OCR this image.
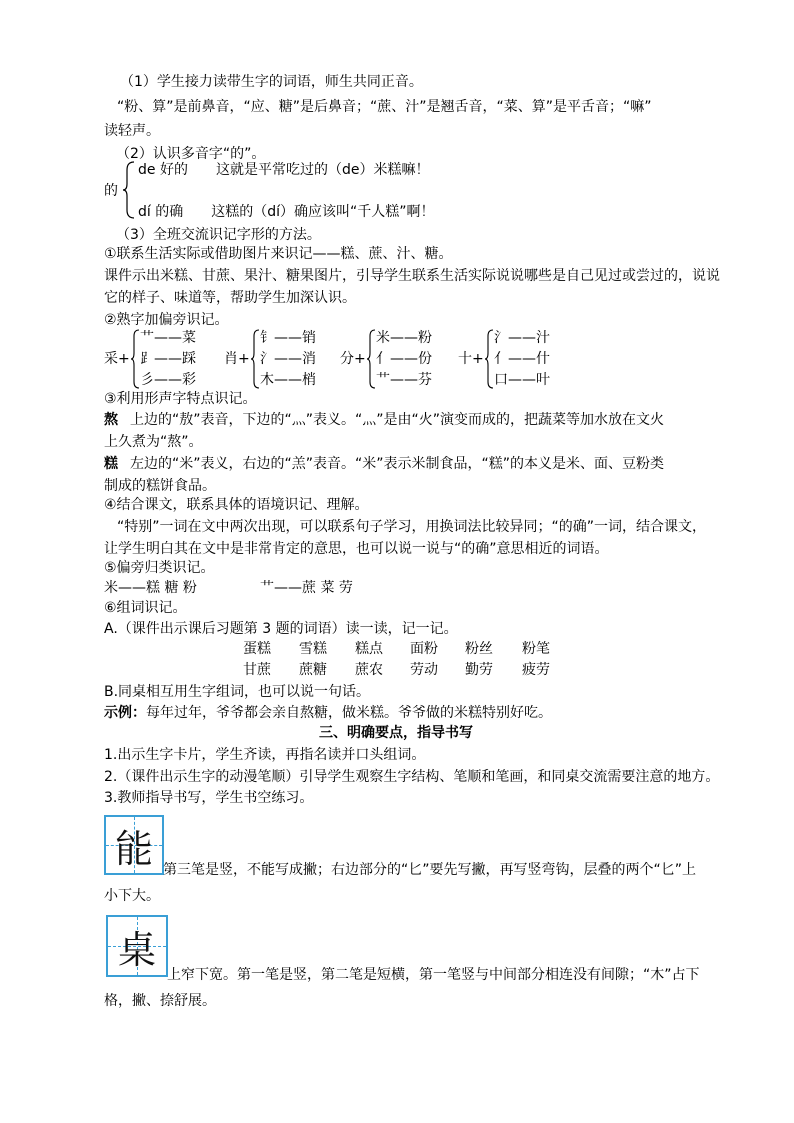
（1）学生接力读带生字的词语，师生共同正音。
“粉、算”是前鼻音，“应、糖”是后鼻音；“蔗、汁”是翘舌音，“菜、算”是平舌音；“嘛”
读轻声。
（2）认识多音字“的”。
的
de 好的　　这就是平常吃过的（de）米糕嘛！
dí 的确　　这糕的（dí）确应该叫“千人糕”啊！
（3）全班交流识记字形的方法。
①联系生活实际或借助图片来识记——糕、蔗、汁、糖。
课件示出米糕、甘蔗、果汁、糖果图片，引导学生联系生活实际说说哪些是自己见过或尝过的，说说
它的样子、味道等，帮助学生加深认识。
②熟字加偏旁识记。
采+
艹——菜
⻊——踩
彡——彩
肖+
钅——销
氵——消
木——梢
分+
米——粉
亻——份
艹——芬
十+
氵——汁
亻——什
口——叶
③利用形声字特点识记。
熬 上边的“敖”表音，下边的“灬”表义。“灬”是由“火”演变而成的，把蔬菜等加水放在文火
上久煮为“熬”。
糕 左边的“米”表义，右边的“羔”表音。“米”表示米制食品，“糕”的本义是米、面、豆粉类
制成的糕饼食品。
④结合课文，联系具体的语境识记、理解。
“特别”一词在文中两次出现，可以联系句子学习，用换词法比较异同；“的确”一词，结合课文，
让学生明白其在文中是非常肯定的意思，也可以说一说与“的确”意思相近的词语。
⑤偏旁归类识记。
米——糕 糖 粉	艹——蔗 菜 劳
⑥组词识记。
A.（课件出示课后习题第 3 题的词语）读一读，记一记。
蛋糕 雪糕 糕点 面粉 粉丝 粉笔
甘蔗 蔗糖 蔗农 劳动 勤劳 疲劳
B.同桌相互用生字组词，也可以说一句话。
示例： 每年过年，爷爷都会亲自熬糖，做米糕。爷爷做的米糕特别好吃。
三、明确要点，指导书写
1.出示生字卡片，学生齐读，再指名读并口头组词。
2.（课件出示生字的动漫笔顺）引导学生观察生字结构、笔顺和笔画，和同桌交流需要注意的地方。
3.教师指导书写，学生书空练习。
能 第三笔是竖，不能写成撇；右边部分的“匕”要先写撇，再写竖弯钩，层叠的两个“匕”上
小下大。
桌
上窄下宽。第一笔是竖，第二笔是短横，第一笔竖与中间部分相连没有间隙；“木”占下
格，撇、捺舒展。
